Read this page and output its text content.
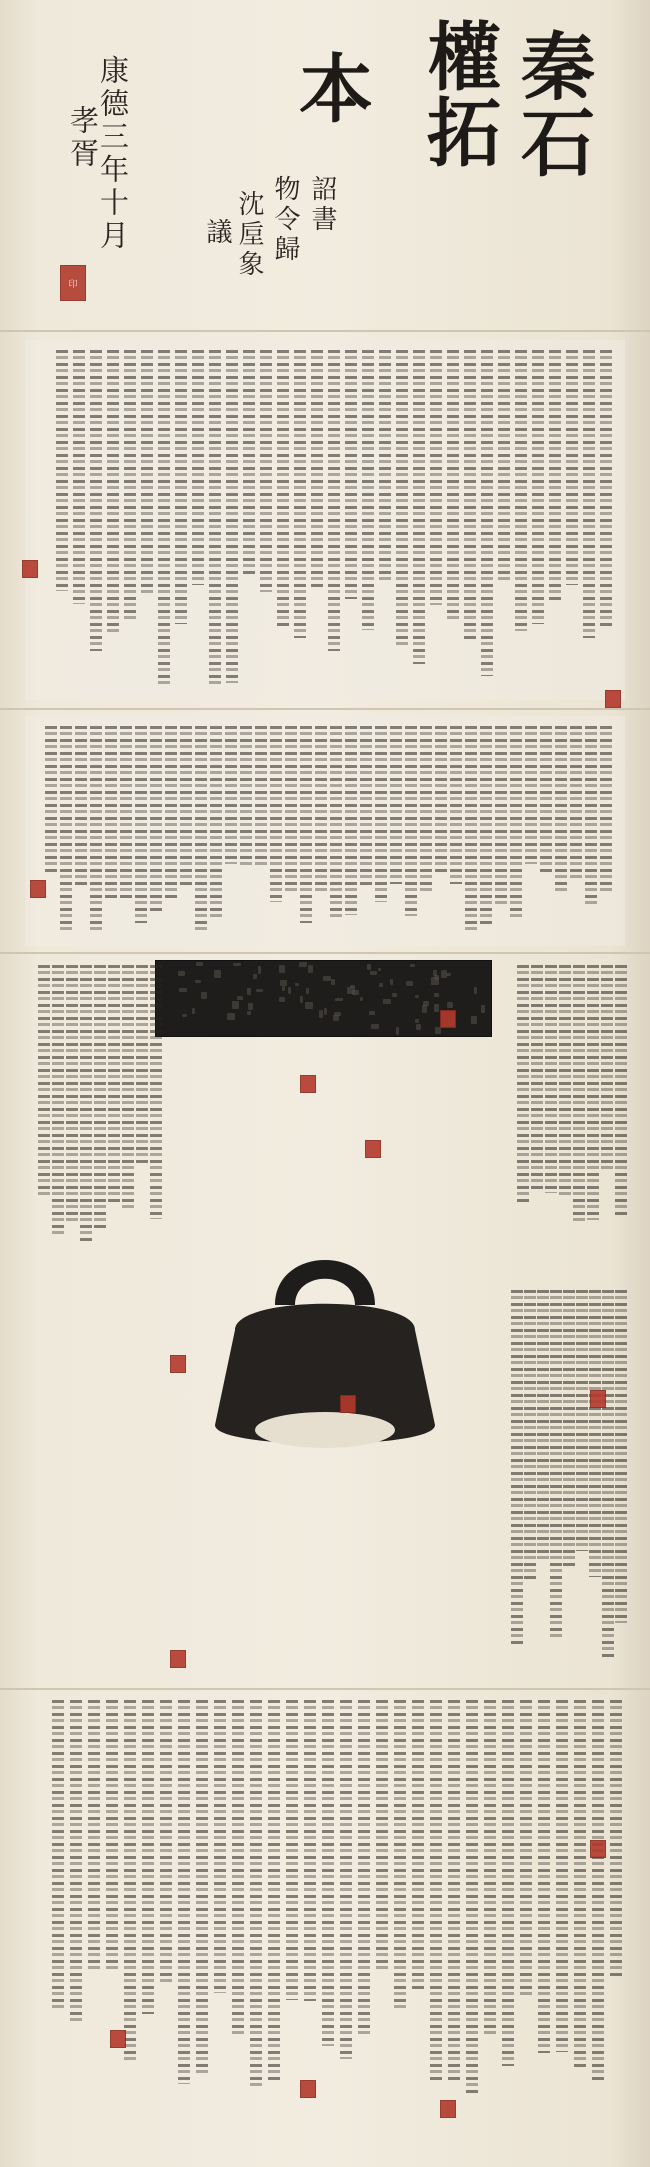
秦石
權拓
本
康德三年十月
孝胥
詔書
物令歸
沈垕象
議
印
